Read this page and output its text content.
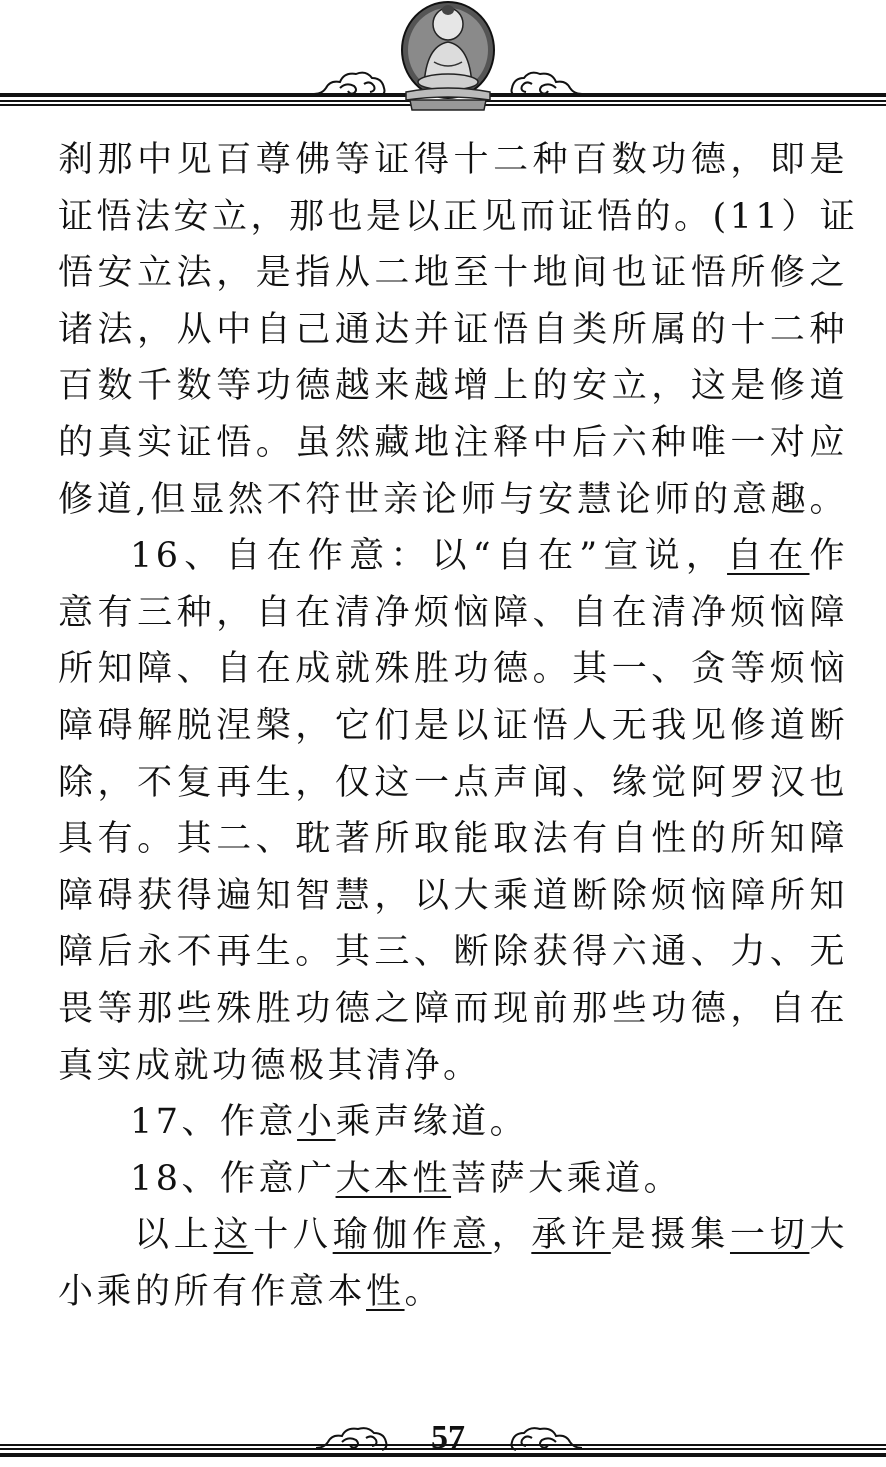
刹那中见百尊佛等证得十二种百数功德，即是
证悟法安立，那也是以正见而证悟的。(11）证
悟安立法，是指从二地至十地间也证悟所修之
诸法，从中自己通达并证悟自类所属的十二种
百数千数等功德越来越增上的安立，这是修道
的真实证悟。虽然藏地注释中后六种唯一对应
修道,但显然不符世亲论师与安慧论师的意趣。
16、自在作意：以“自在”宣说，自在作
意有三种，自在清净烦恼障、自在清净烦恼障
所知障、自在成就殊胜功德。其一、贪等烦恼
障碍解脱涅槃，它们是以证悟人无我见修道断
除，不复再生，仅这一点声闻、缘觉阿罗汉也
具有。其二、耽著所取能取法有自性的所知障
障碍获得遍知智慧，以大乘道断除烦恼障所知
障后永不再生。其三、断除获得六通、力、无
畏等那些殊胜功德之障而现前那些功德，自在
真实成就功德极其清净。
17、作意小乘声缘道。
18、作意广大本性菩萨大乘道。
以上这十八瑜伽作意，承许是摄集一切大
小乘的所有作意本性。
57
